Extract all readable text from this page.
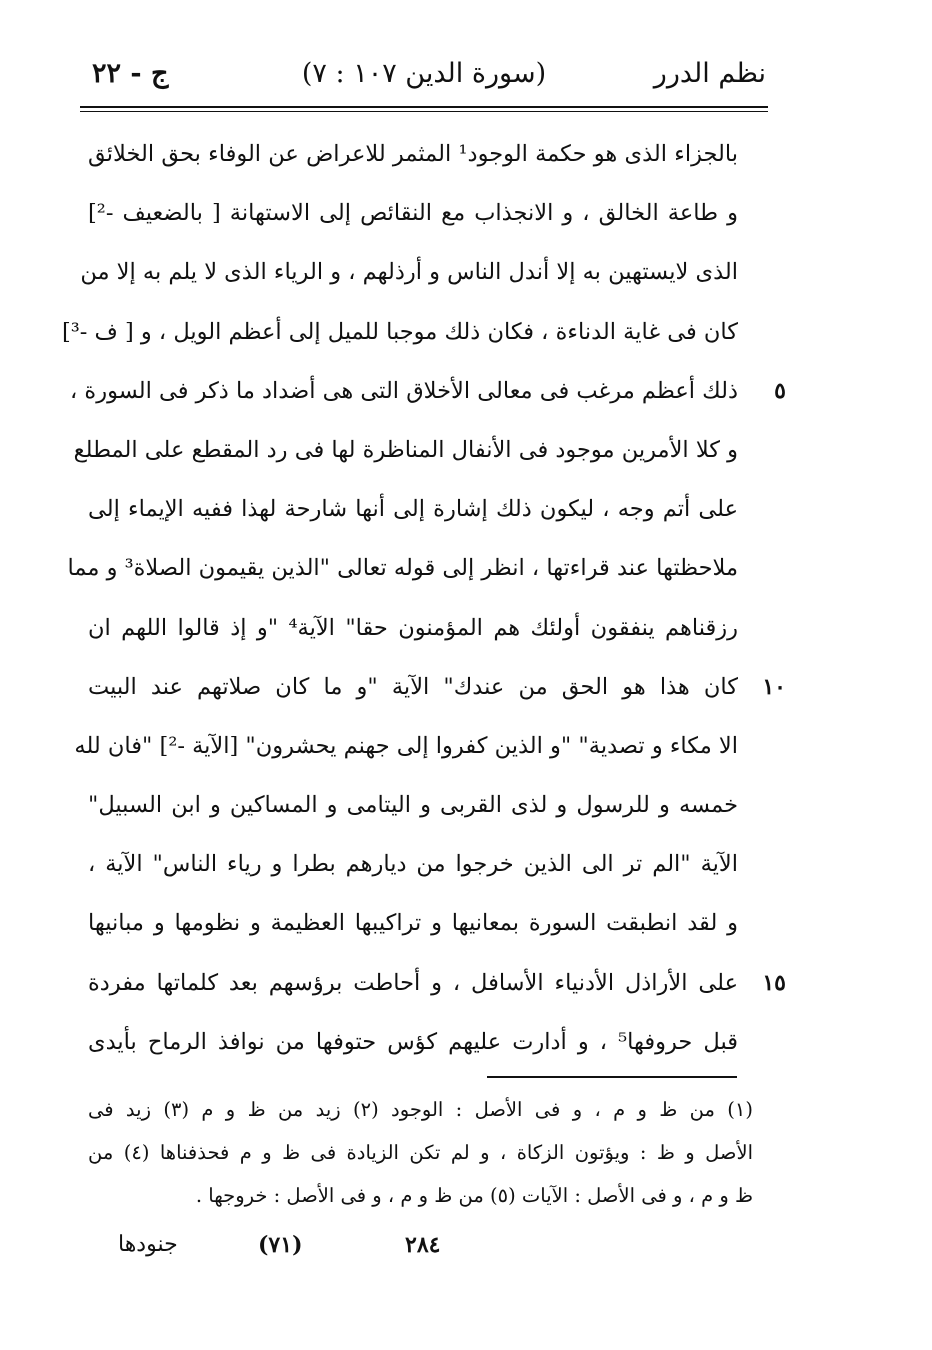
نظم الدرر
(سورة الدين ١٠٧ : ٧)
ج - ٢٢
بالجزاء الذى هو حكمة الوجود¹ المثمر للاعراض عن الوفاء بحق الخلائق
و طاعة الخالق ، و الانجذاب مع النقائص إلى الاستهانة [ بالضعيف -²]
الذى لايستهين به إلا أندل الناس و أرذلهم ، و الرياء الذى لا يلم به إلا من
كان فى غاية الدناءة ، فكان ذلك موجبا للميل إلى أعظم الويل ، و [ ف -³]
٥
ذلك أعظم مرغب فى معالى الأخلاق التى هى أضداد ما ذكر فى السورة ،
و كلا الأمرين موجود فى الأنفال المناظرة لها فى رد المقطع على المطلع
على أتم وجه ، ليكون ذلك إشارة إلى أنها شارحة لهذا ففيه الإيماء إلى
ملاحظتها عند قراءتها ، انظر إلى قوله تعالى "الذين يقيمون الصلاة³ و مما
رزقناهم ينفقون أولئك هم المؤمنون حقا" الآية⁴ "و إذ قالوا اللهم ان
١٠
كان هذا هو الحق من عندك" الآية "و ما كان صلاتهم عند البيت
الا مكاء و تصدية" "و الذين كفروا إلى جهنم يحشرون" [الآية -²] "فان لله
خمسه و للرسول و لذى القربى و اليتامى و المساكين و ابن السبيل"
الآية "الم تر الى الذين خرجوا من ديارهم بطرا و رياء الناس" الآية ،
و لقد انطبقت السورة بمعانيها و تراكيبها العظيمة و نظومها و مبانيها
١٥
على الأراذل الأدنياء الأسافل ، و أحاطت برؤسهم بعد كلماتها مفردة
قبل حروفها⁵ ، و أدارت عليهم كؤس حتوفها من نوافذ الرماح بأيدى
(١) من ظ و م ، و فى الأصل : الوجود (٢) زيد من ظ و م (٣) زيد فى
الأصل و ظ : ويؤتون الزكاة ، و لم تكن الزيادة فى ظ و م فحذفناها (٤) من
ظ و م ، و فى الأصل : الآيات (٥) من ظ و م ، و فى الأصل : خروجها .
جنودها	(٧١)	٢٨٤
